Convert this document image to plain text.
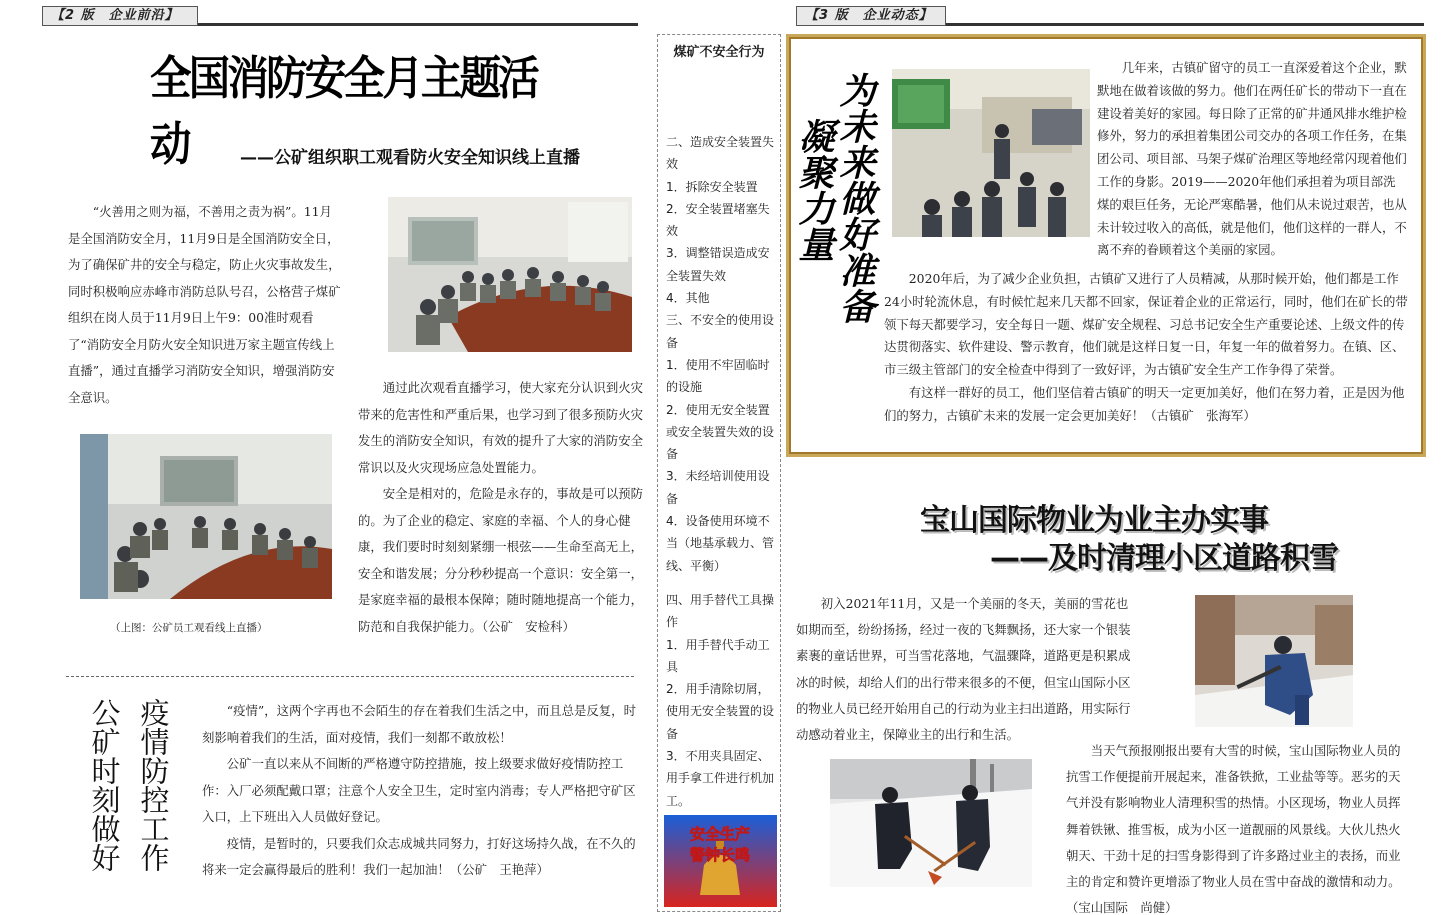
【2 版　企业前沿】	【3 版　企业动态】
全国消防安全月主题活动	——公矿组织职工观看防火安全知识线上直播

“火善用之则为福，不善用之责为祸”。11月是全国消防安全月，11月9日是全国消防安全日，为了确保矿井的安全与稳定，防止火灾事故发生，同时积极响应赤峰市消防总队号召，公格营子煤矿组织在岗人员于11月9日上午9：00准时观看了“消防安全月防火安全知识进万家主题宣传线上直播”，通过直播学习消防安全知识，增强消防安全意识。

通过此次观看直播学习，使大家充分认识到火灾带来的危害性和严重后果，也学习到了很多预防火灾发生的消防安全知识，有效的提升了大家的消防安全常识以及火灾现场应急处置能力。

安全是相对的，危险是永存的，事故是可以预防的。为了企业的稳定、家庭的幸福、个人的身心健康，我们要时时刻刻紧绷一根弦——生命至高无上，安全和谐发展；分分秒秒提高一个意识：安全第一，是家庭幸福的最根本保障；随时随地提高一个能力，防范和自我保护能力。（公矿　安检科）

（上图：公矿员工观看线上直播）
疫情防控工作
公矿时刻做好	“疫情”，这两个字再也不会陌生的存在着我们生活之中，而且总是反复，时刻影响着我们的生活，面对疫情，我们一刻都不敢放松！

公矿一直以来从不间断的严格遵守防控措施，按上级要求做好疫情防控工作：入厂必须配戴口罩；注意个人安全卫生，定时室内消毒；专人严格把守矿区入口，上下班出入人员做好登记。

疫情，是暂时的，只要我们众志成城共同努力，打好这场持久战，在不久的将来一定会赢得最后的胜利！我们一起加油！（公矿　王艳萍）

煤矿不安全行为
二、造成安全装置失效
1．拆除安全装置
2．安全装置堵塞失效
3．调整错误造成安全装置失效
4．其他
三、不安全的使用设备
1．使用不牢固临时的设施
2．使用无安全装置或安全装置失效的设备
3．未经培训使用设备
4．设备使用环境不当（地基承载力、管线、平衡）
四、用手替代工具操作
1．用手替代手动工具
2．用手清除切屑，使用无安全装置的设备
3．不用夹具固定、用手拿工件进行机加工。
安全生产
警钟长鸣
为未来做好准备
凝聚力量

几年来，古镇矿留守的员工一直深爱着这个企业，默默地在做着该做的努力。他们在两任矿长的带动下一直在建设着美好的家园。每日除了正常的矿井通风排水维护检修外，努力的承担着集团公司交办的各项工作任务，在集团公司、项目部、马架子煤矿治理区等地经常闪现着他们工作的身影。2019——2020年他们承担着为项目部洗煤的艰巨任务，无论严寒酷暑，他们从未说过艰苦，也从未计较过收入的高低，就是他们，他们这样的一群人，不离不弃的眷顾着这个美丽的家园。

2020年后，为了减少企业负担，古镇矿又进行了人员精减，从那时候开始，他们都是工作24小时轮流休息，有时候忙起来几天都不回家，保证着企业的正常运行，同时，他们在矿长的带领下每天都要学习，安全每日一题、煤矿安全规程、习总书记安全生产重要论述、上级文件的传达贯彻落实、软件建设、警示教育，他们就是这样日复一日，年复一年的做着努力。在镇、区、市三级主管部门的安全检查中得到了一致好评，为古镇矿安全生产工作争得了荣誉。

有这样一群好的员工，他们坚信着古镇矿的明天一定更加美好，他们在努力着，正是因为他们的努力，古镇矿未来的发展一定会更加美好！（古镇矿　张海军）

宝山国际物业为业主办实事
——及时清理小区道路积雪

初入2021年11月，又是一个美丽的冬天，美丽的雪花也如期而至，纷纷扬扬，经过一夜的飞舞飘扬，还大家一个银装素裹的童话世界，可当雪花落地，气温骤降，道路更是积累成冰的时候，却给人们的出行带来很多的不便，但宝山国际小区的物业人员已经开始用自己的行动为业主扫出道路，用实际行动感动着业主，保障业主的出行和生活。

当天气预报刚报出要有大雪的时候，宝山国际物业人员的抗雪工作便提前开展起来，准备铁掀，工业盐等等。恶劣的天气并没有影响物业人清理积雪的热情。小区现场，物业人员挥舞着铁锹、推雪板，成为小区一道靓丽的风景线。大伙儿热火朝天、干劲十足的扫雪身影得到了许多路过业主的表扬，而业主的肯定和赞许更增添了物业人员在雪中奋战的激情和动力。　　　（宝山国际　尚健）
